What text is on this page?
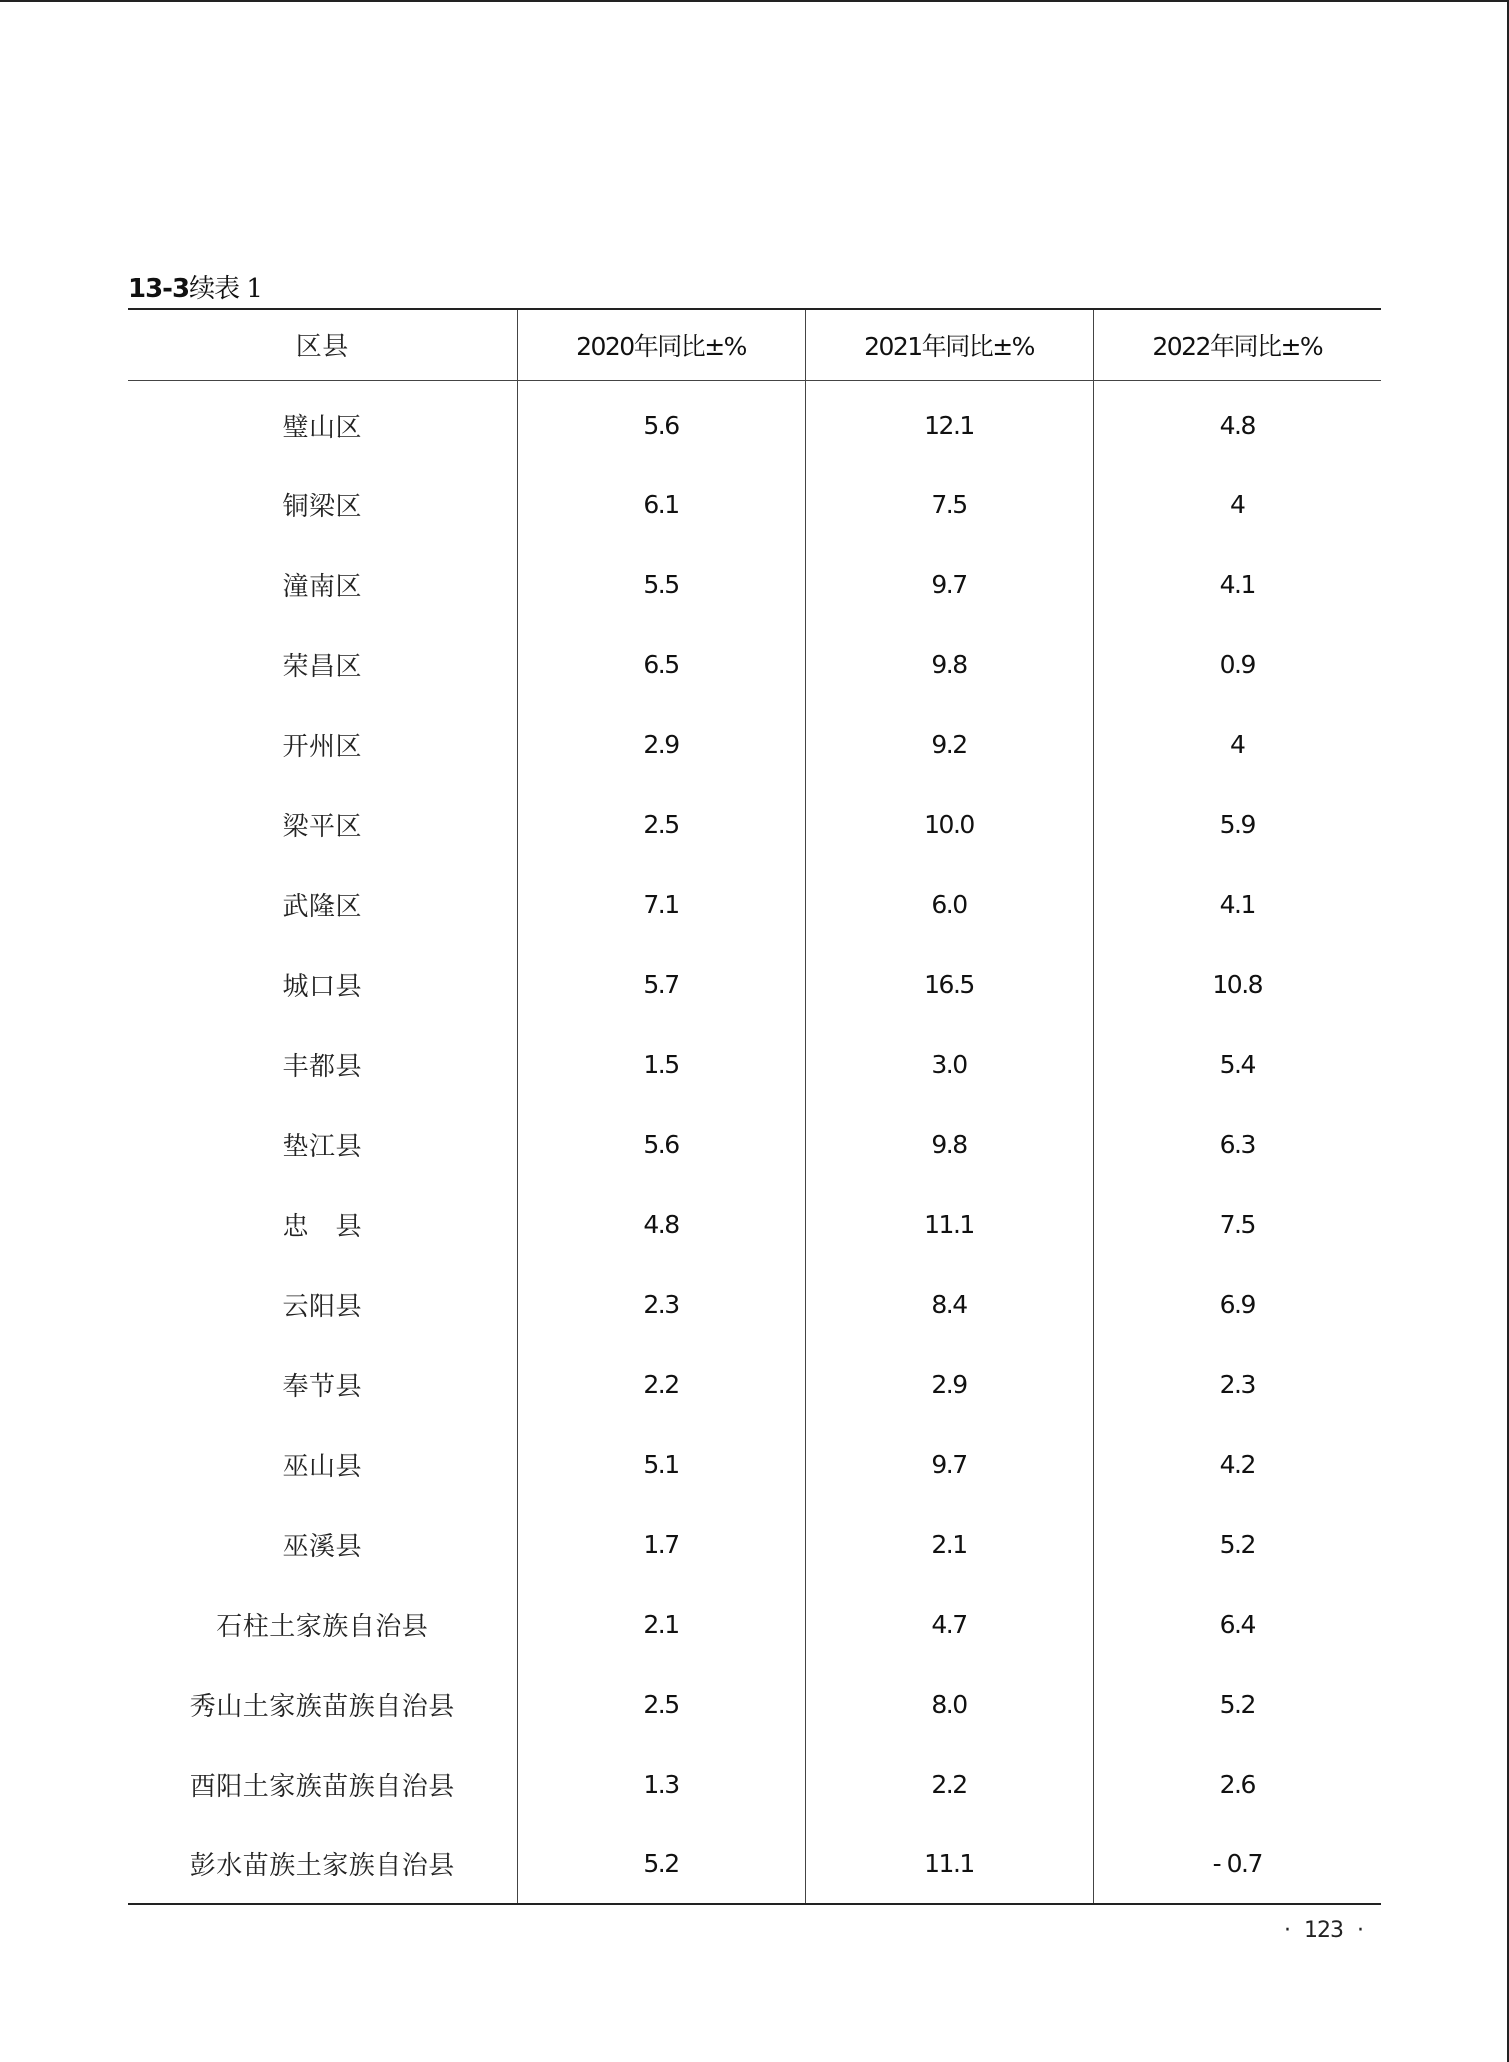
13-3续表 1
区县	2020年同比±%	2021年同比±%	2022年同比±%
璧山区	5.6	12.1	4.8
铜梁区	6.1	7.5	4
潼南区	5.5	9.7	4.1
荣昌区	6.5	9.8	0.9
开州区	2.9	9.2	4
梁平区	2.5	10.0	5.9
武隆区	7.1	6.0	4.1
城口县	5.7	16.5	10.8
丰都县	1.5	3.0	5.4
垫江县	5.6	9.8	6.3
忠　县	4.8	11.1	7.5
云阳县	2.3	8.4	6.9
奉节县	2.2	2.9	2.3
巫山县	5.1	9.7	4.2
巫溪县	1.7	2.1	5.2
石柱土家族自治县	2.1	4.7	6.4
秀山土家族苗族自治县	2.5	8.0	5.2
酉阳土家族苗族自治县	1.3	2.2	2.6
彭水苗族土家族自治县	5.2	11.1	- 0.7
· 123 ·
